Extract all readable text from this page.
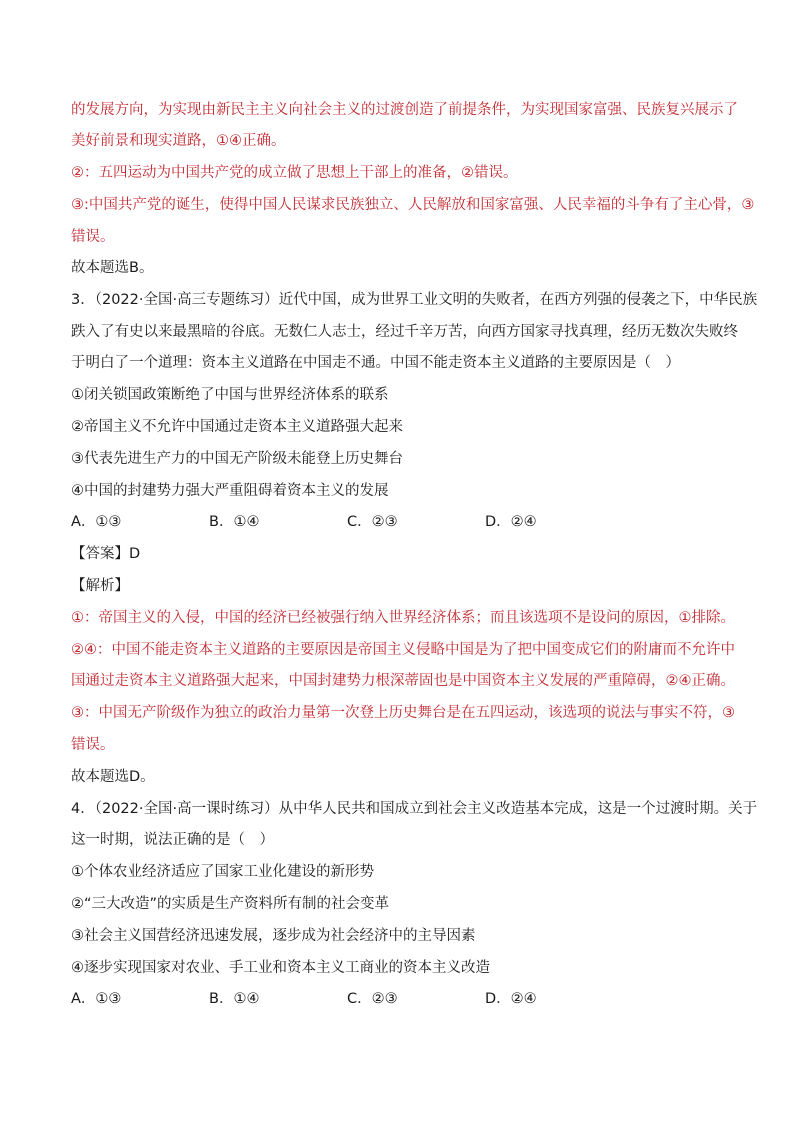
的发展方向，为实现由新民主主义向社会主义的过渡创造了前提条件，为实现国家富强、民族复兴展示了
美好前景和现实道路，①④正确。
②：五四运动为中国共产党的成立做了思想上干部上的准备，②错误。
③:中国共产党的诞生，使得中国人民谋求民族独立、人民解放和国家富强、人民幸福的斗争有了主心骨，③
错误。
故本题选B。
3．（2022·全国·高三专题练习）近代中国，成为世界工业文明的失败者，在西方列强的侵袭之下，中华民族
跌入了有史以来最黑暗的谷底。无数仁人志士，经过千辛万苦，向西方国家寻找真理，经历无数次失败终
于明白了一个道理：资本主义道路在中国走不通。中国不能走资本主义道路的主要原因是（　）
①闭关锁国政策断绝了中国与世界经济体系的联系
②帝国主义不允许中国通过走资本主义道路强大起来
③代表先进生产力的中国无产阶级未能登上历史舞台
④中国的封建势力强大严重阻碍着资本主义的发展
A．①③	B．①④	C．②③	D．②④
【答案】D
【解析】
①：帝国主义的入侵，中国的经济已经被强行纳入世界经济体系；而且该选项不是设问的原因，①排除。
②④：中国不能走资本主义道路的主要原因是帝国主义侵略中国是为了把中国变成它们的附庸而不允许中
国通过走资本主义道路强大起来，中国封建势力根深蒂固也是中国资本主义发展的严重障碍，②④正确。
③：中国无产阶级作为独立的政治力量第一次登上历史舞台是在五四运动，该选项的说法与事实不符，③
错误。
故本题选D。
4．（2022·全国·高一课时练习）从中华人民共和国成立到社会主义改造基本完成，这是一个过渡时期。关于
这一时期，说法正确的是（　）
①个体农业经济适应了国家工业化建设的新形势
②“三大改造”的实质是生产资料所有制的社会变革
③社会主义国营经济迅速发展，逐步成为社会经济中的主导因素
④逐步实现国家对农业、手工业和资本主义工商业的资本主义改造
A．①③	B．①④	C．②③	D．②④
